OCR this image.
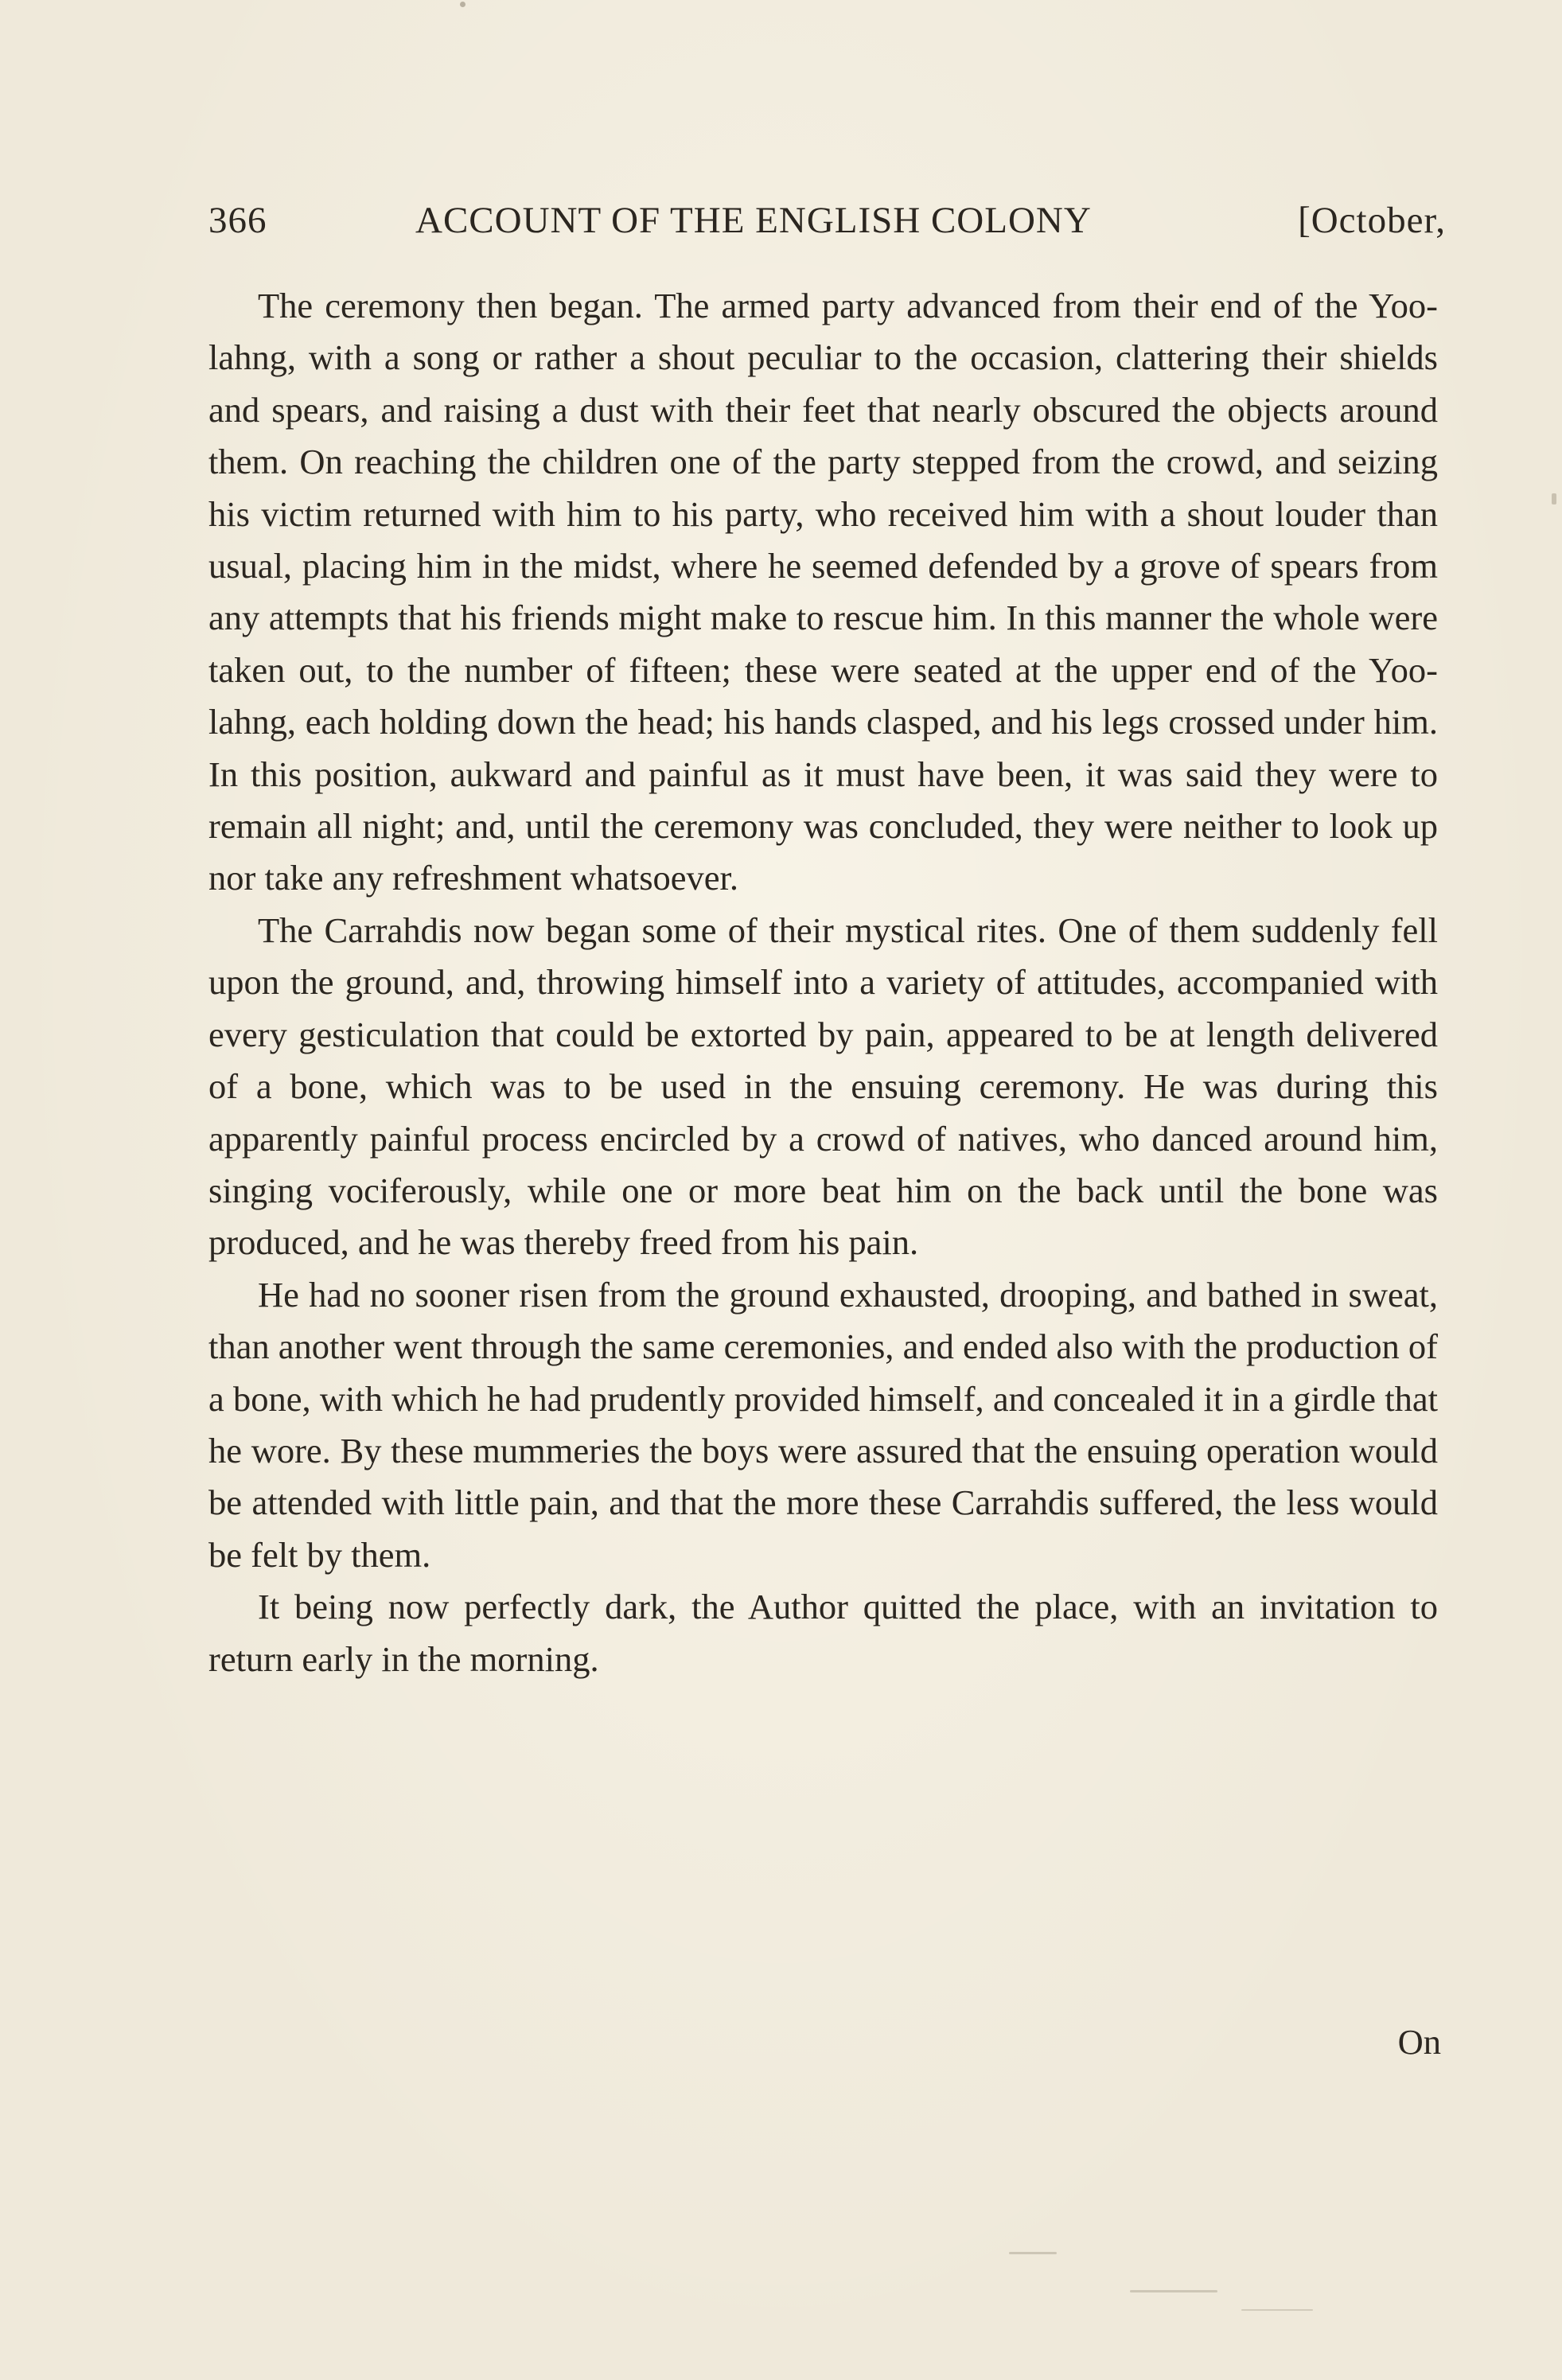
366	ACCOUNT OF THE ENGLISH COLONY	[October,

The ceremony then began. The armed party advanced from their end of the Yoo-lahng, with a song or rather a shout peculiar to the occasion, clattering their shields and spears, and raising a dust with their feet that nearly obscured the objects around them. On reaching the children one of the party stepped from the crowd, and seizing his victim returned with him to his party, who received him with a shout louder than usual, placing him in the midst, where he seemed defended by a grove of spears from any attempts that his friends might make to rescue him. In this manner the whole were taken out, to the number of fifteen; these were seated at the upper end of the Yoo-lahng, each holding down the head; his hands clasped, and his legs crossed under him. In this position, aukward and painful as it must have been, it was said they were to remain all night; and, until the ceremony was concluded, they were neither to look up nor take any refreshment whatsoever.

The Carrahdis now began some of their mystical rites. One of them suddenly fell upon the ground, and, throwing himself into a variety of attitudes, accompanied with every gesticulation that could be extorted by pain, appeared to be at length delivered of a bone, which was to be used in the ensuing ceremony. He was during this apparently painful process encircled by a crowd of natives, who danced around him, singing vociferously, while one or more beat him on the back until the bone was produced, and he was thereby freed from his pain.

He had no sooner risen from the ground exhausted, drooping, and bathed in sweat, than another went through the same ceremonies, and ended also with the production of a bone, with which he had prudently provided himself, and concealed it in a girdle that he wore. By these mummeries the boys were assured that the ensuing operation would be attended with little pain, and that the more these Carrahdis suffered, the less would be felt by them.

It being now perfectly dark, the Author quitted the place, with an invitation to return early in the morning.

On
